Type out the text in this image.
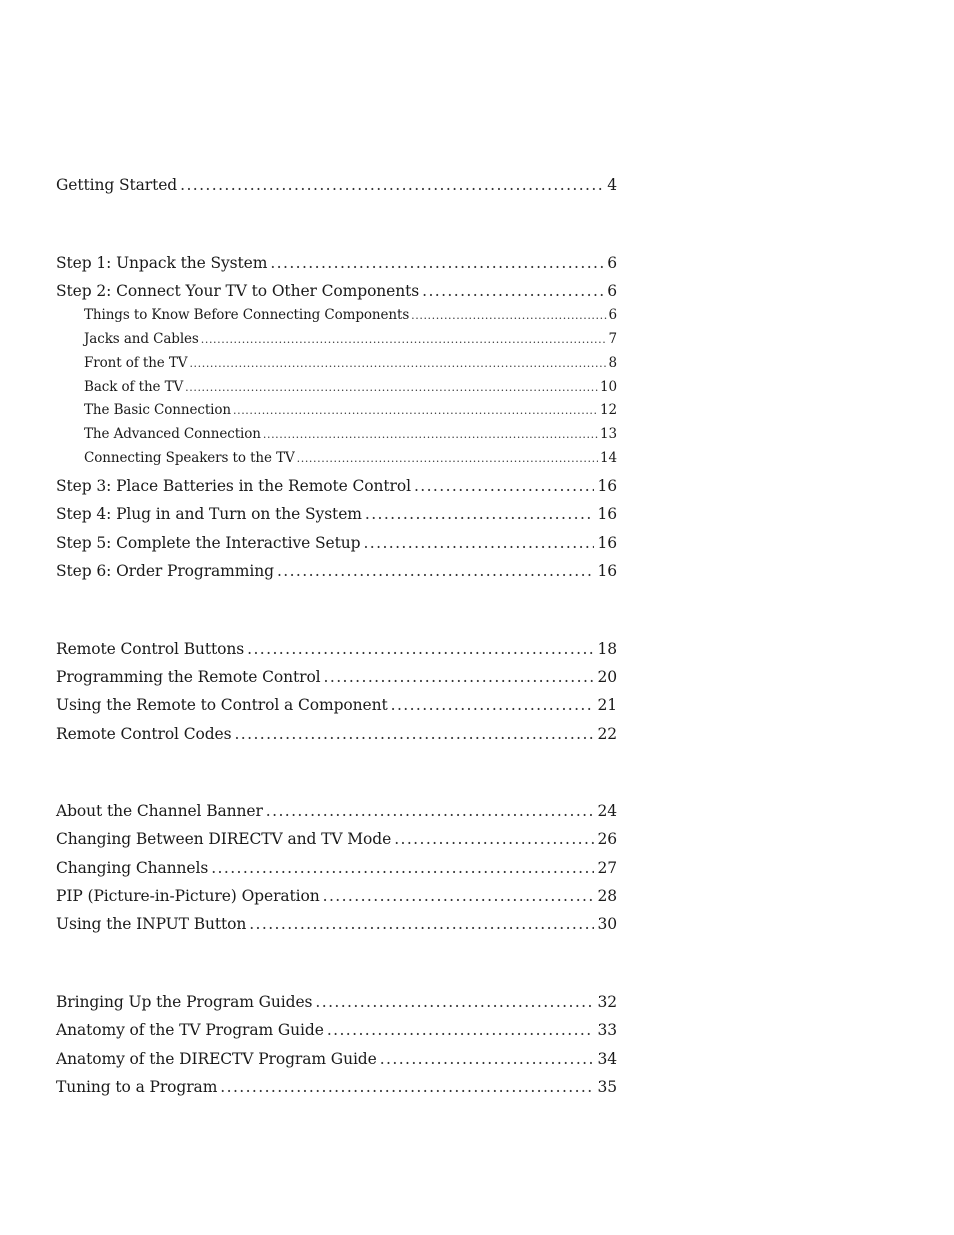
Getting Started .....	4
Step 1: Unpack the System .....	6
Step 2: Connect Your TV to Other Components .....	6
Things to Know Before Connecting Components .....	6
Jacks and Cables .....	7
Front of the TV .....	8
Back of the TV .....	10
The Basic Connection .....	12
The Advanced Connection .....	13
Connecting Speakers to the TV .....	14
Step 3: Place Batteries in the Remote Control .....	16
Step 4: Plug in and Turn on the System .....	16
Step 5: Complete the Interactive Setup .....	16
Step 6: Order Programming .....	16
Remote Control Buttons .....	18
Programming the Remote Control .....	20
Using the Remote to Control a Component .....	21
Remote Control Codes .....	22
About the Channel Banner .....	24
Changing Between DIRECTV and TV Mode .....	26
Changing Channels .....	27
PIP (Picture-in-Picture) Operation .....	28
Using the INPUT Button .....	30
Bringing Up the Program Guides .....	32
Anatomy of the TV Program Guide .....	33
Anatomy of the DIRECTV Program Guide .....	34
Tuning to a Program .....	35
